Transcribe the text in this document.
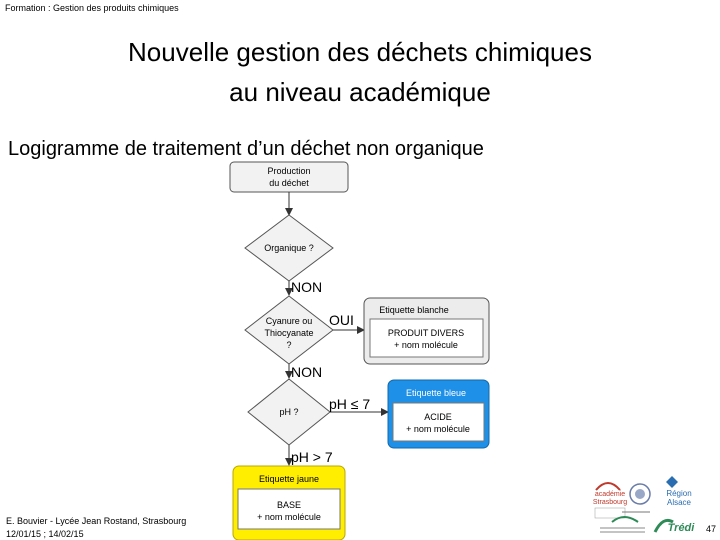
Formation : Gestion des produits chimiques
Nouvelle gestion des déchets chimiques
au niveau académique
Logigramme de traitement d’un déchet non organique
Production
du déchet
Organique ?
NON
Cyanure ou
Thiocyanate
?
OUI
NON
pH ? pH ≤ 7
pH > 7
Etiquette blanche
PRODUIT DIVERS
+ nom molécule
Etiquette bleue
ACIDE
+ nom molécule
Etiquette jaune
BASE
+ nom molécule
académie
Strasbourg
Région
Alsace
Trédi
E. Bouvier - Lycée Jean Rostand, Strasbourg
12/01/15 ; 14/02/15	47
